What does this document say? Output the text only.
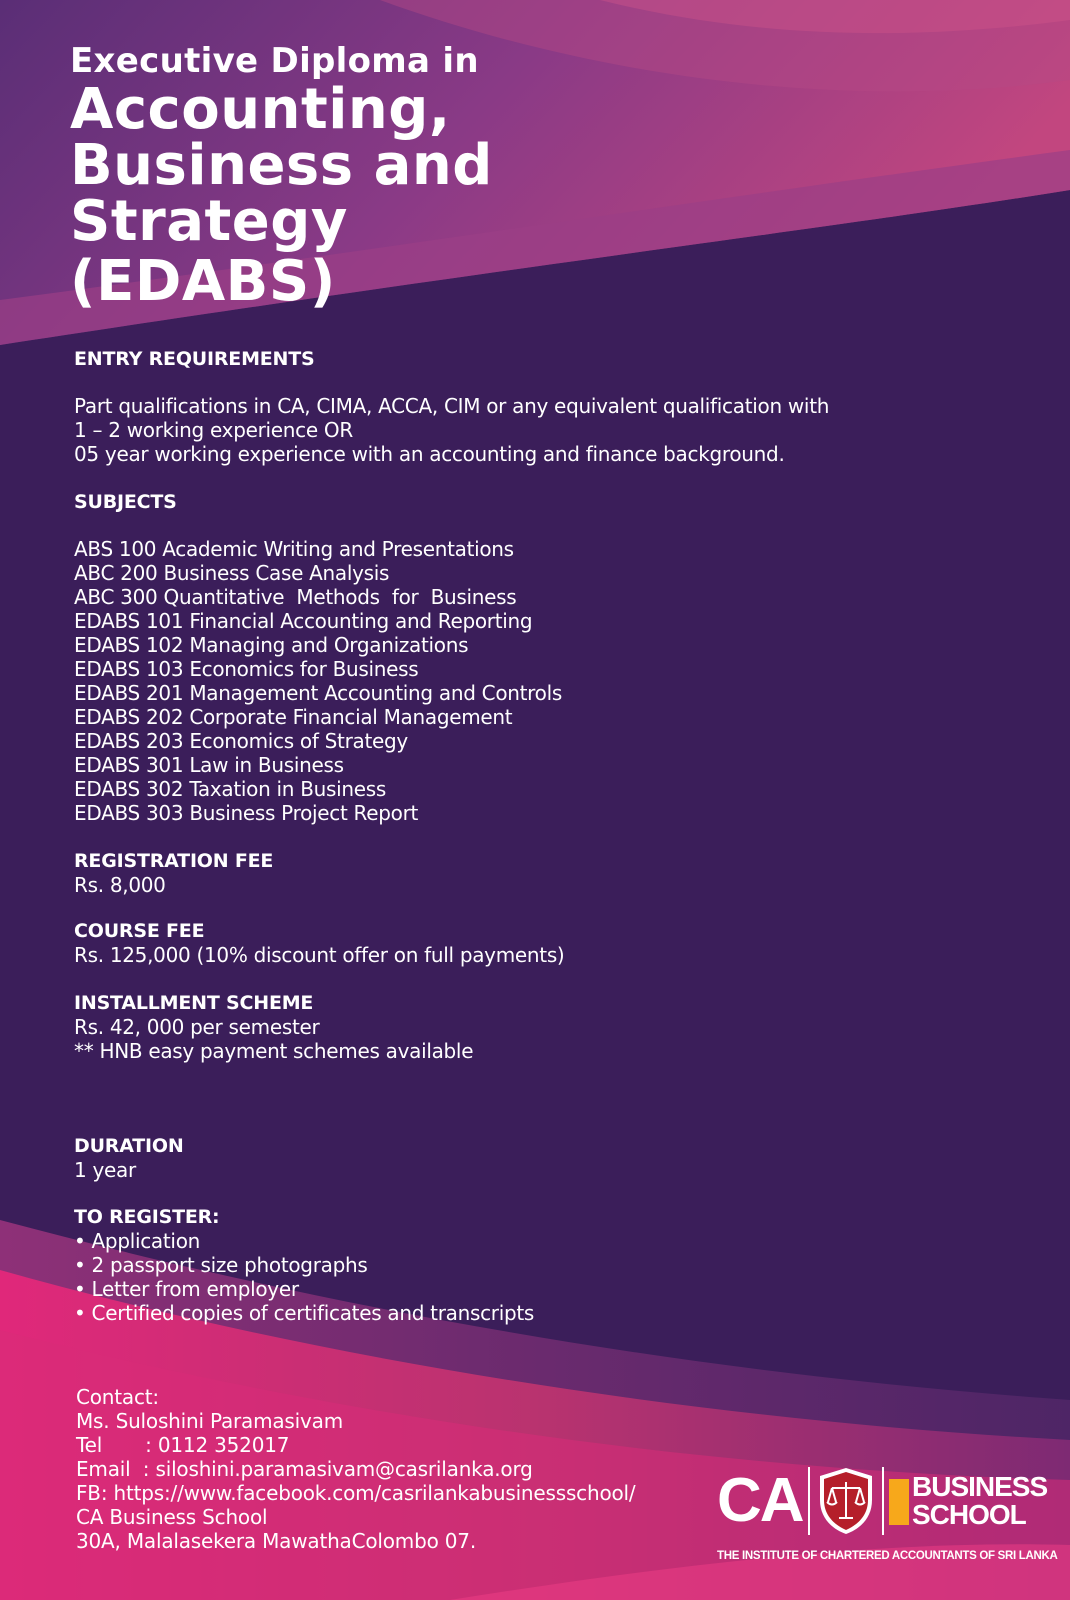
Executive Diploma in
Accounting,
Business and
Strategy
(EDABS)
ENTRY REQUIREMENTS
Part qualifications in CA, CIMA, ACCA, CIM or any equivalent qualification with
1 – 2 working experience OR
05 year working experience with an accounting and finance background.
SUBJECTS
ABS 100 Academic Writing and Presentations
ABC 200 Business Case Analysis
ABC 300 Quantitative  Methods  for  Business
EDABS 101 Financial Accounting and Reporting
EDABS 102 Managing and Organizations
EDABS 103 Economics for Business
EDABS 201 Management Accounting and Controls
EDABS 202 Corporate Financial Management
EDABS 203 Economics of Strategy
EDABS 301 Law in Business
EDABS 302 Taxation in Business
EDABS 303 Business Project Report
REGISTRATION FEE
Rs. 8,000
COURSE FEE
Rs. 125,000 (10% discount offer on full payments)
INSTALLMENT SCHEME
Rs. 42, 000 per semester
** HNB easy payment schemes available
DURATION
1 year
TO REGISTER:
• Application
• 2 passport size photographs
• Letter from employer
• Certified copies of certificates and transcripts
Contact:
Ms. Suloshini Paramasivam
Tel       : 0112 352017
Email  : siloshini.paramasivam@casrilanka.org
FB: https://www.facebook.com/casrilankabusinessschool/
CA Business School
30A, Malalasekera MawathaColombo 07.
CA	BUSINESS
SCHOOL
THE INSTITUTE OF CHARTERED ACCOUNTANTS OF SRI LANKA
